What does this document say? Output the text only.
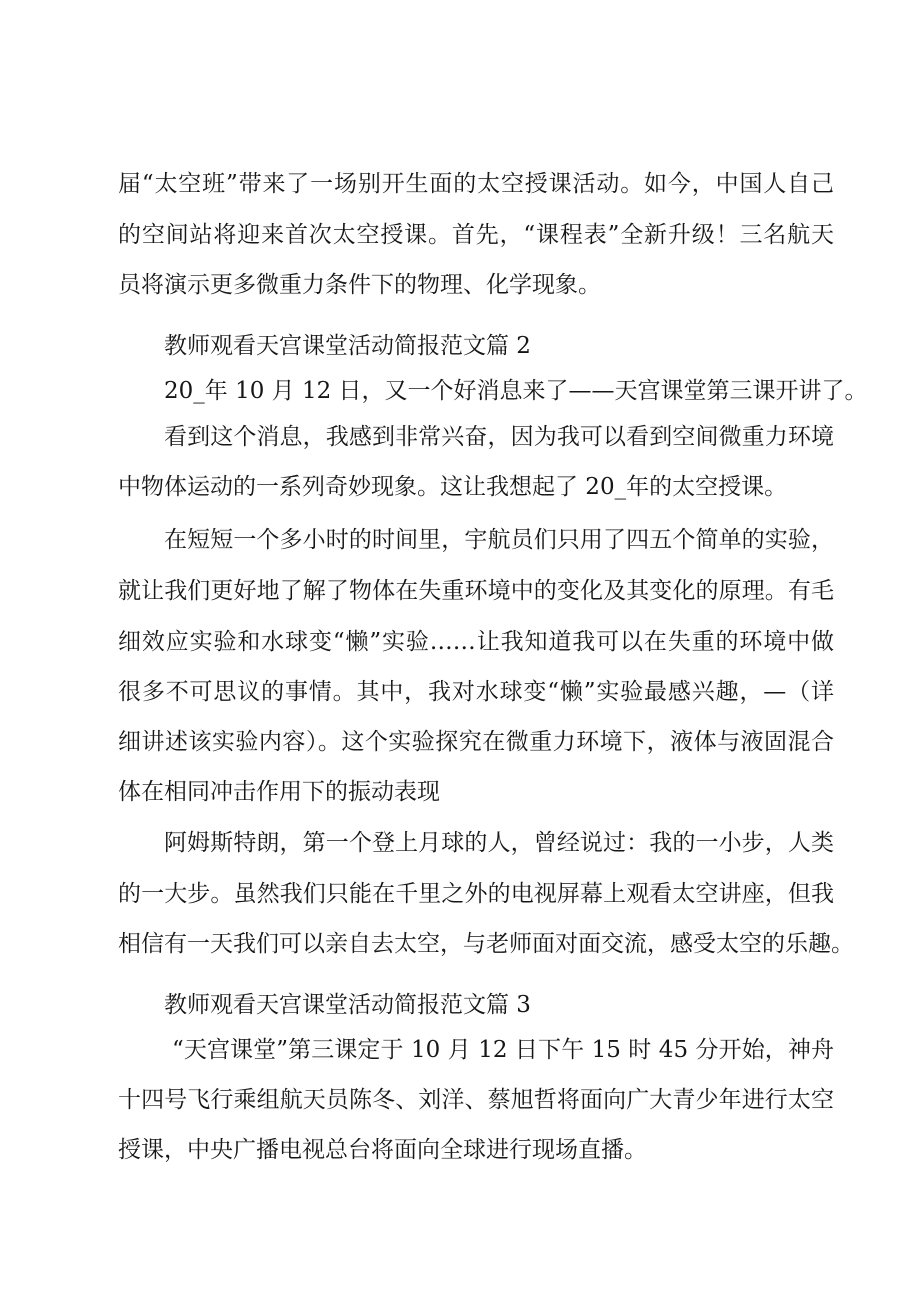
届“太空班”带来了一场别开生面的太空授课活动。如今，中国人自己
的空间站将迎来首次太空授课。首先，“课程表”全新升级！三名航天
员将演示更多微重力条件下的物理、化学现象。
教师观看天宫课堂活动简报范文篇 2
20_年 10 月 12 日，又一个好消息来了——天宫课堂第三课开讲了。
看到这个消息，我感到非常兴奋，因为我可以看到空间微重力环境
中物体运动的一系列奇妙现象。这让我想起了 20_年的太空授课。
在短短一个多小时的时间里，宇航员们只用了四五个简单的实验，
就让我们更好地了解了物体在失重环境中的变化及其变化的原理。有毛
细效应实验和水球变“懒”实验……让我知道我可以在失重的环境中做
很多不可思议的事情。其中，我对水球变“懒”实验最感兴趣，—（详
细讲述该实验内容）。这个实验探究在微重力环境下，液体与液固混合
体在相同冲击作用下的振动表现
阿姆斯特朗，第一个登上月球的人，曾经说过：我的一小步，人类
的一大步。虽然我们只能在千里之外的电视屏幕上观看太空讲座，但我
相信有一天我们可以亲自去太空，与老师面对面交流，感受太空的乐趣。
教师观看天宫课堂活动简报范文篇 3
“天宫课堂”第三课定于 10 月 12 日下午 15 时 45 分开始，神舟
十四号飞行乘组航天员陈冬、刘洋、蔡旭哲将面向广大青少年进行太空
授课，中央广播电视总台将面向全球进行现场直播。
